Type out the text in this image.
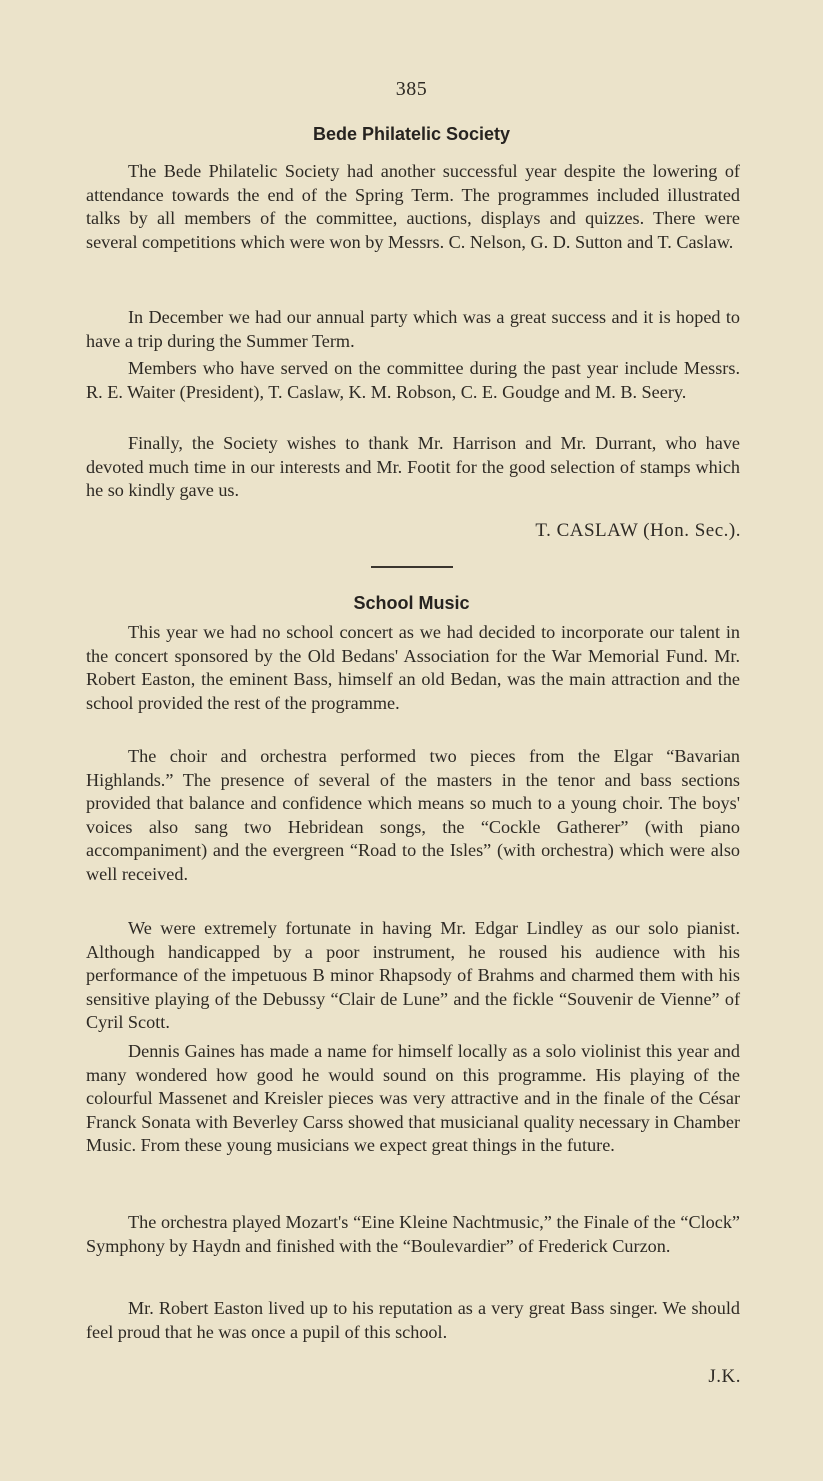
385
Bede Philatelic Society

The Bede Philatelic Society had another successful year despite the lowering of attendance towards the end of the Spring Term. The programmes included illustrated talks by all members of the committee, auctions, displays and quizzes. There were several competitions which were won by Messrs. C. Nelson, G. D. Sutton and T. Caslaw.

In December we had our annual party which was a great success and it is hoped to have a trip during the Summer Term.

Members who have served on the committee during the past year include Messrs. R. E. Waiter (President), T. Caslaw, K. M. Robson, C. E. Goudge and M. B. Seery.

Finally, the Society wishes to thank Mr. Harrison and Mr. Durrant, who have devoted much time in our interests and Mr. Footit for the good selection of stamps which he so kindly gave us.

T. CASLAW (Hon. Sec.).
School Music

This year we had no school concert as we had decided to incorporate our talent in the concert sponsored by the Old Bedans' Association for the War Memorial Fund. Mr. Robert Easton, the eminent Bass, himself an old Bedan, was the main attraction and the school provided the rest of the programme.

The choir and orchestra performed two pieces from the Elgar “Bavarian Highlands.” The presence of several of the masters in the tenor and bass sections provided that balance and confidence which means so much to a young choir. The boys' voices also sang two Hebridean songs, the “Cockle Gatherer” (with piano accompaniment) and the evergreen “Road to the Isles” (with orchestra) which were also well received.

We were extremely fortunate in having Mr. Edgar Lindley as our solo pianist. Although handicapped by a poor instrument, he roused his audience with his performance of the impetuous B minor Rhapsody of Brahms and charmed them with his sensitive playing of the Debussy “Clair de Lune” and the fickle “Souvenir de Vienne” of Cyril Scott.

Dennis Gaines has made a name for himself locally as a solo violinist this year and many wondered how good he would sound on this programme. His playing of the colourful Massenet and Kreisler pieces was very attractive and in the finale of the César Franck Sonata with Beverley Carss showed that musicianal quality necessary in Chamber Music. From these young musicians we expect great things in the future.

The orchestra played Mozart's “Eine Kleine Nachtmusic,” the Finale of the “Clock” Symphony by Haydn and finished with the “Boulevardier” of Frederick Curzon.

Mr. Robert Easton lived up to his reputation as a very great Bass singer. We should feel proud that he was once a pupil of this school.

J.K.
